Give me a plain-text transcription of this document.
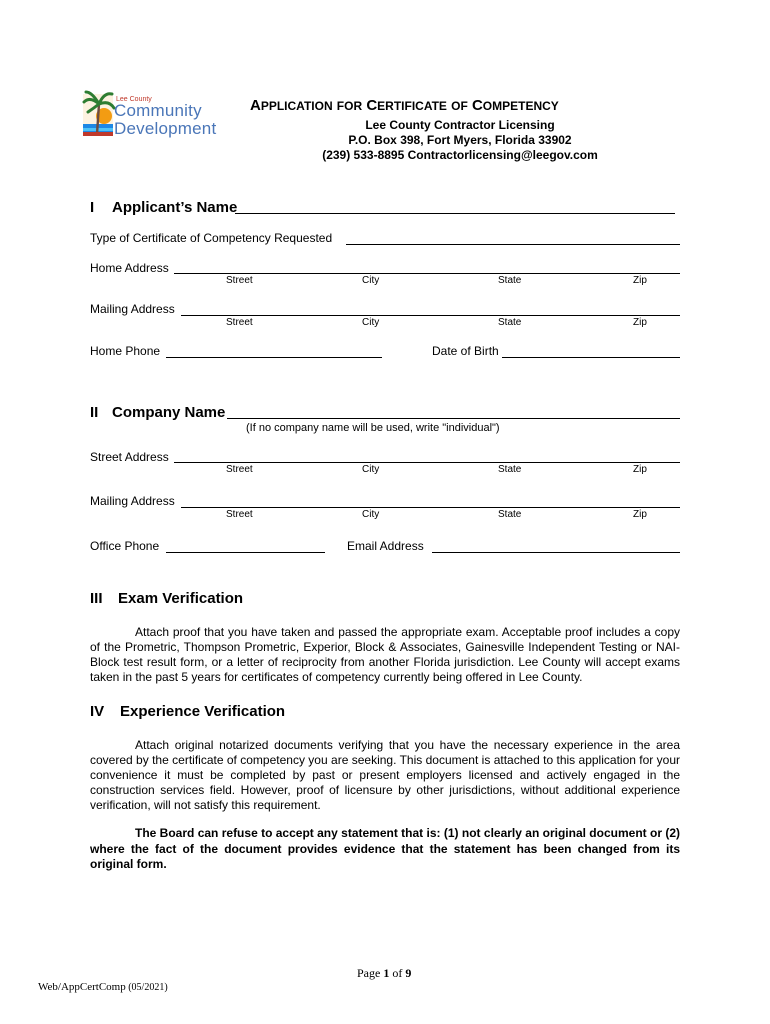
Lee County
Community
Development
APPLICATION FOR CERTIFICATE OF COMPETENCY
Lee County Contractor Licensing
P.O. Box 398, Fort Myers, Florida 33902
(239) 533-8895 Contractorlicensing@leegov.com
I Applicant’s Name
Type of Certificate of Competency Requested
Home Address
Street	City	State	Zip
Mailing Address
Street	City	State	Zip
Home Phone	Date of Birth
II Company Name
(If no company name will be used, write "individual")
Street Address
Street	City	State	Zip
Mailing Address
Street	City	State	Zip
Office Phone	Email Address
III Exam Verification
Attach proof that you have taken and passed the appropriate exam. Acceptable proof includes a copy of the Prometric, Thompson Prometric, Experior, Block & Associates, Gainesville Independent Testing or NAI-Block test result form, or a letter of reciprocity from another Florida jurisdiction. Lee County will accept exams taken in the past 5 years for certificates of competency currently being offered in Lee County.
IV Experience Verification
Attach original notarized documents verifying that you have the necessary experience in the area covered by the certificate of competency you are seeking. This document is attached to this application for your convenience it must be completed by past or present employers licensed and actively engaged in the construction services field. However, proof of licensure by other jurisdictions, without additional experience verification, will not satisfy this requirement.
The Board can refuse to accept any statement that is: (1) not clearly an original document or (2) where the fact of the document provides evidence that the statement has been changed from its original form.
Page 1 of 9
Web/AppCertComp (05/2021)
